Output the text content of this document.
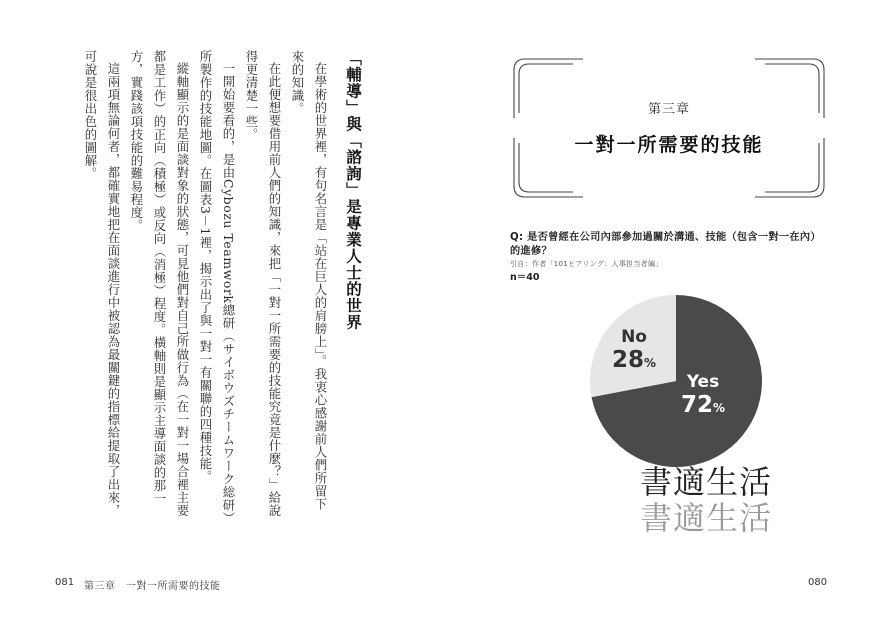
「輔導」與「諮詢」是專業人士的世界

在學術的世界裡，有句名言是「站在巨人的肩膀上」。我衷心感謝前人們所留下來的知識。

在此便想要借用前人們的知識，來把「一對一所需要的技能究竟是什麼？」給說得更清楚一些。

一開始要看的，是由Cybozu Teamwork總研（サイボウズチームワーク総研）所製作的技能地圖。在圖表3－1裡，揭示出了與一對一有關聯的四種技能。

縱軸顯示的是面談對象的狀態，可見他們對自己所做行為（在一對一場合裡主要都是工作）的正向（積極）或反向（消極）程度。橫軸則是顯示主導面談的那一方，實踐該項技能的難易程度。

這兩項無論何者，都確實地把在面談進行中被認為最關鍵的指標給提取了出來，可說是很出色的圖解。

081 第三章　一對一所需要的技能
第三章
一對一所需要的技能
Q: 是否曾經在公司內部參加過關於溝通、技能（包含一對一在內）的進修？
引自：作者「101ヒアリング：人事担当者編」
n＝40
No
28%
Yes
72%
書適生活
書適生活
080
